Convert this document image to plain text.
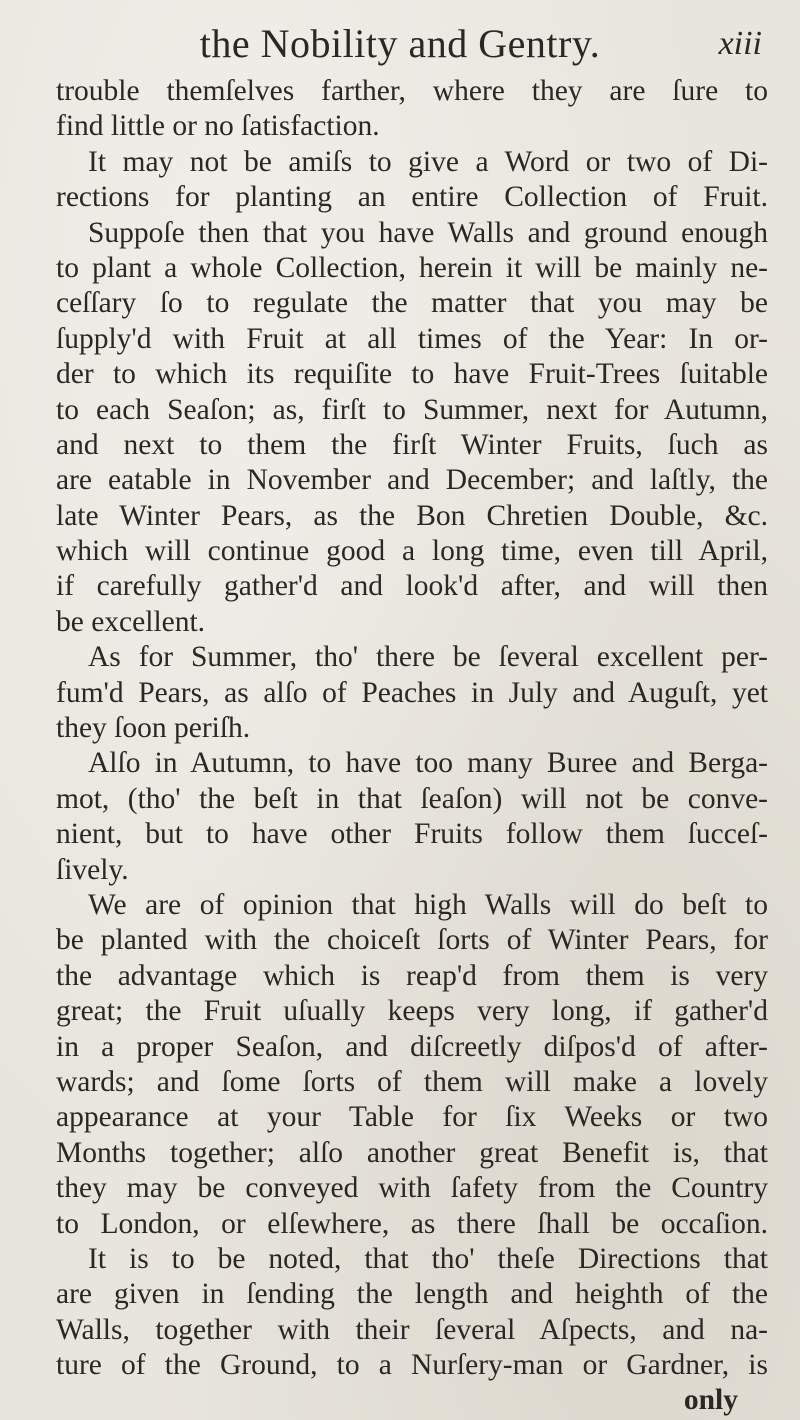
the Nobility and Gentry.	xiii
trouble themſelves farther, where they are ſure to
find little or no ſatisfaction.
It may not be amiſs to give a Word or two of Di-
rections for planting an entire Collection of Fruit.
Suppoſe then that you have Walls and ground enough
to plant a whole Collection, herein it will be mainly ne-
ceſſary ſo to regulate the matter that you may be
ſupply'd with Fruit at all times of the Year: In or-
der to which its requiſite to have Fruit-Trees ſuitable
to each Seaſon; as, firſt to Summer, next for Autumn,
and next to them the firſt Winter Fruits, ſuch as
are eatable in November and December; and laſtly, the
late Winter Pears, as the Bon Chretien Double, &c.
which will continue good a long time, even till April,
if carefully gather'd and look'd after, and will then
be excellent.
As for Summer, tho' there be ſeveral excellent per-
fum'd Pears, as alſo of Peaches in July and Auguſt, yet
they ſoon periſh.
Alſo in Autumn, to have too many Buree and Berga-
mot, (tho' the beſt in that ſeaſon) will not be conve-
nient, but to have other Fruits follow them ſucceſ-
ſively.
We are of opinion that high Walls will do beſt to
be planted with the choiceſt ſorts of Winter Pears, for
the advantage which is reap'd from them is very
great; the Fruit uſually keeps very long, if gather'd
in a proper Seaſon, and diſcreetly diſpos'd of after-
wards; and ſome ſorts of them will make a lovely
appearance at your Table for ſix Weeks or two
Months together; alſo another great Benefit is, that
they may be conveyed with ſafety from the Country
to London, or elſewhere, as there ſhall be occaſion.
It is to be noted, that tho' theſe Directions that
are given in ſending the length and heighth of the
Walls, together with their ſeveral Aſpects, and na-
ture of the Ground, to a Nurſery-man or Gardner, is
only
